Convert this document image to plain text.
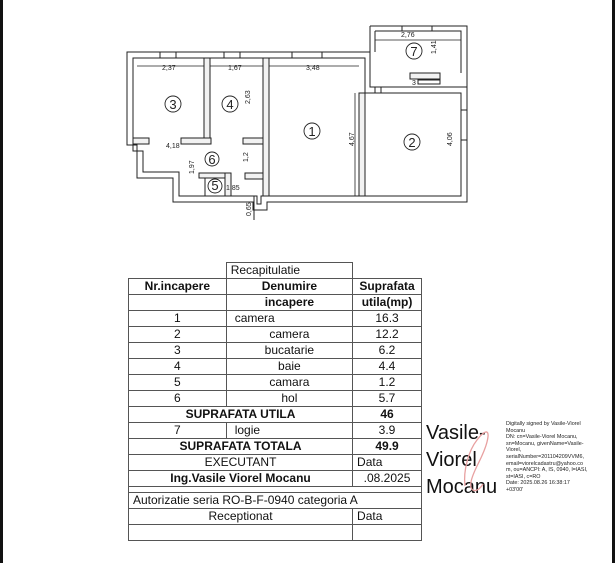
2,76
1,41
3
2,37	1,67	3,48
2,63
4,67	4,06
4,18
1,2
1,97
1,85
0,65
1
2
3	4
5
6
7
	Recapitulatie	
Nr.incapere	Denumire	Suprafata
	incapere	utila(mp)
1	camera	16.3
2	camera	12.2
3	bucatarie	6.2
4	baie	4.4
5	camara	1.2
6	hol	5.7
SUPRAFATA UTILA		46
7	logie	3.9
SUPRAFATA TOTALA		49.9
EXECUTANT		Data
Ing.Vasile Viorel Mocanu		.08.2025

Autorizatie seria RO-B-F-0940 categoria A		
Receptionat		Data

Vasile-
Viorel
Mocanu
Digitally signed by Vasile-Viorel
Mocanu
DN: cn=Vasile-Viorel Mocanu,
sn=Mocanu, givenName=Vasile-
Viorel,
serialNumber=201104209VVM6,
email=viorelcadastru@yahoo.co
m, ou=ANCPI: A, IS, 0940, l=IASI,
st=IASI, c=RO
Date: 2025.08.26 16:38:17
+03'00'
